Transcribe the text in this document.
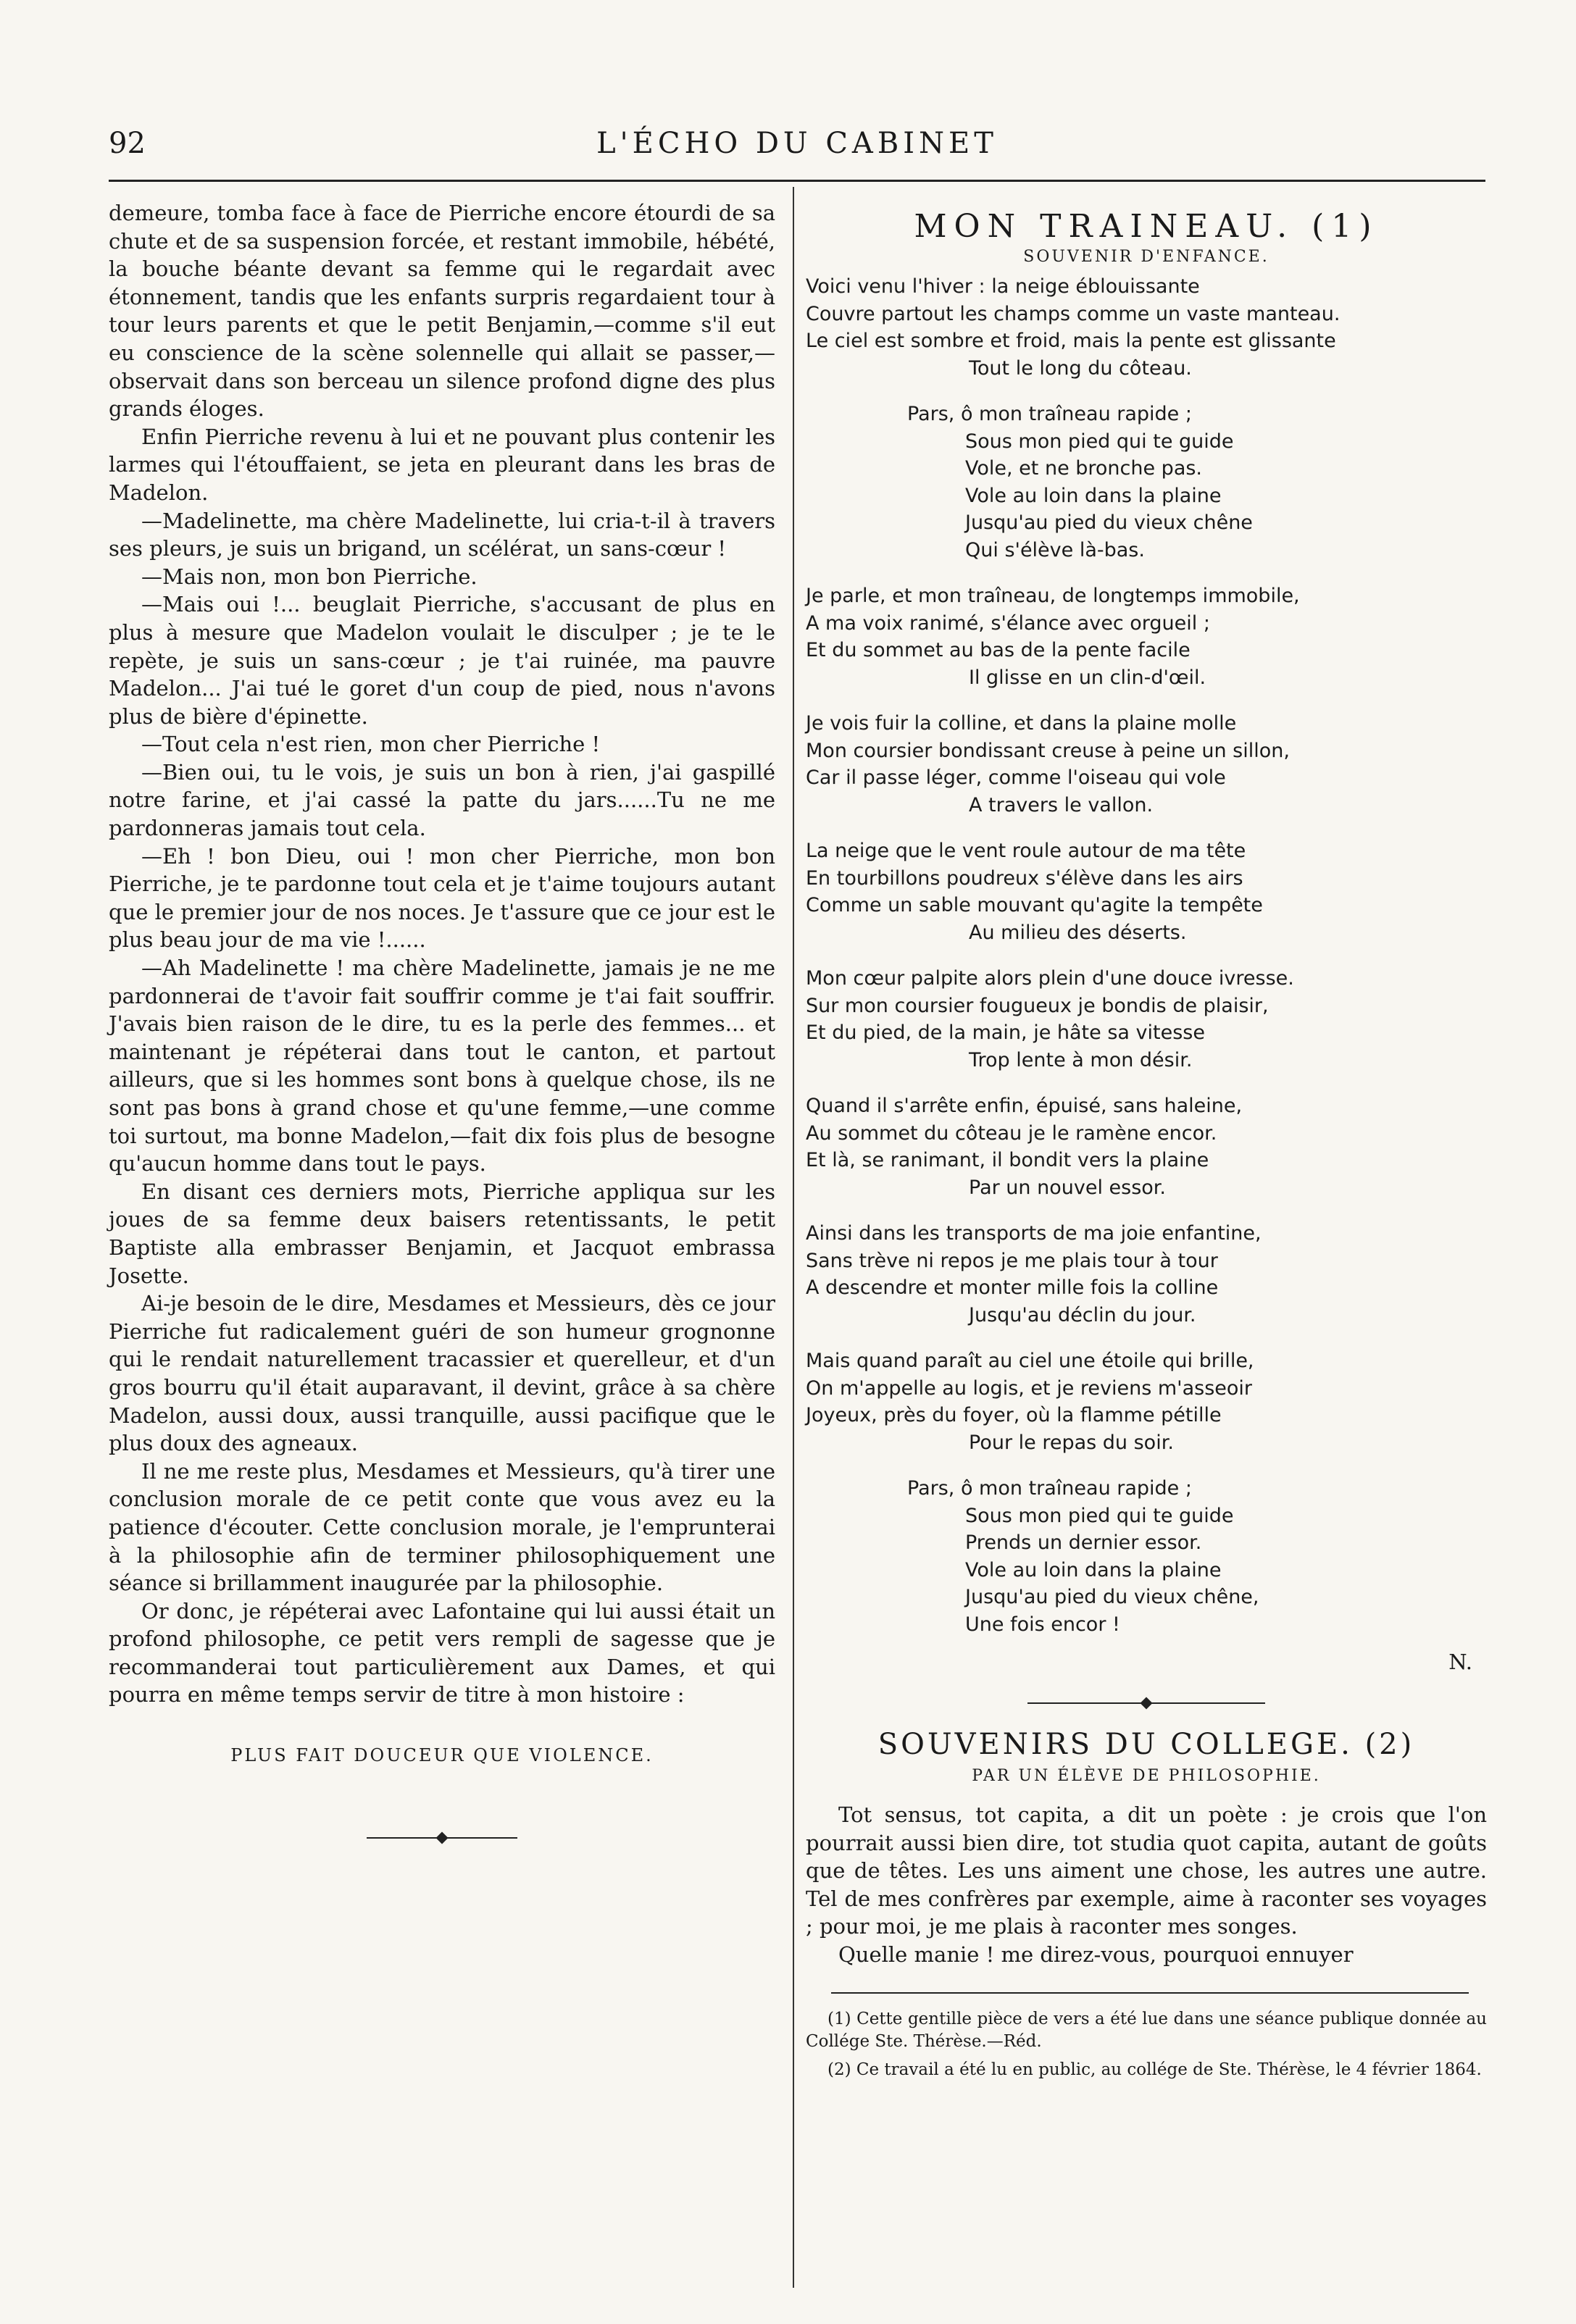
92	L'ÉCHO DU CABINET

demeure, tomba face à face de Pierriche encore étourdi de sa chute et de sa suspension forcée, et restant immobile, hébété, la bouche béante devant sa femme qui le regardait avec étonnement, tandis que les enfants surpris regardaient tour à tour leurs parents et que le petit Benjamin,—comme s'il eut eu conscience de la scène solennelle qui allait se passer,—observait dans son berceau un silence profond digne des plus grands éloges.

Enfin Pierriche revenu à lui et ne pouvant plus contenir les larmes qui l'étouffaient, se jeta en pleurant dans les bras de Madelon.

—Madelinette, ma chère Madelinette, lui cria-t-il à travers ses pleurs, je suis un brigand, un scélérat, un sans-cœur !

—Mais non, mon bon Pierriche.

—Mais oui !... beuglait Pierriche, s'accusant de plus en plus à mesure que Madelon voulait le disculper ; je te le repète, je suis un sans-cœur ; je t'ai ruinée, ma pauvre Madelon... J'ai tué le goret d'un coup de pied, nous n'avons plus de bière d'épinette.

—Tout cela n'est rien, mon cher Pierriche !

—Bien oui, tu le vois, je suis un bon à rien, j'ai gaspillé notre farine, et j'ai cassé la patte du jars......Tu ne me pardonneras jamais tout cela.

—Eh ! bon Dieu, oui ! mon cher Pierriche, mon bon Pierriche, je te pardonne tout cela et je t'aime toujours autant que le premier jour de nos noces. Je t'assure que ce jour est le plus beau jour de ma vie !......

—Ah Madelinette ! ma chère Madelinette, jamais je ne me pardonnerai de t'avoir fait souffrir comme je t'ai fait souffrir. J'avais bien raison de le dire, tu es la perle des femmes... et maintenant je répéterai dans tout le canton, et partout ailleurs, que si les hommes sont bons à quelque chose, ils ne sont pas bons à grand chose et qu'une femme,—une comme toi surtout, ma bonne Madelon,—fait dix fois plus de besogne qu'aucun homme dans tout le pays.

En disant ces derniers mots, Pierriche appliqua sur les joues de sa femme deux baisers retentissants, le petit Baptiste alla embrasser Benjamin, et Jacquot embrassa Josette.

Ai-je besoin de le dire, Mesdames et Messieurs, dès ce jour Pierriche fut radicalement guéri de son humeur grognonne qui le rendait naturellement tracassier et querelleur, et d'un gros bourru qu'il était auparavant, il devint, grâce à sa chère Madelon, aussi doux, aussi tranquille, aussi pacifique que le plus doux des agneaux.

Il ne me reste plus, Mesdames et Messieurs, qu'à tirer une conclusion morale de ce petit conte que vous avez eu la patience d'écouter. Cette conclusion morale, je l'emprunterai à la philosophie afin de terminer philosophiquement une séance si brillamment inaugurée par la philosophie.

Or donc, je répéterai avec Lafontaine qui lui aussi était un profond philosophe, ce petit vers rempli de sagesse que je recommanderai tout particulièrement aux Dames, et qui pourra en même temps servir de titre à mon histoire :

PLUS FAIT DOUCEUR QUE VIOLENCE.
MON TRAINEAU. (1)
SOUVENIR D'ENFANCE.
Voici venu l'hiver : la neige éblouissante
Couvre partout les champs comme un vaste manteau.
Le ciel est sombre et froid, mais la pente est glissante
Tout le long du côteau.
Pars, ô mon traîneau rapide ;
Sous mon pied qui te guide
Vole, et ne bronche pas.
Vole au loin dans la plaine
Jusqu'au pied du vieux chêne
Qui s'élève là-bas.
Je parle, et mon traîneau, de longtemps immobile,
A ma voix ranimé, s'élance avec orgueil ;
Et du sommet au bas de la pente facile
Il glisse en un clin-d'œil.
Je vois fuir la colline, et dans la plaine molle
Mon coursier bondissant creuse à peine un sillon,
Car il passe léger, comme l'oiseau qui vole
A travers le vallon.
La neige que le vent roule autour de ma tête
En tourbillons poudreux s'élève dans les airs
Comme un sable mouvant qu'agite la tempête
Au milieu des déserts.
Mon cœur palpite alors plein d'une douce ivresse.
Sur mon coursier fougueux je bondis de plaisir,
Et du pied, de la main, je hâte sa vitesse
Trop lente à mon désir.
Quand il s'arrête enfin, épuisé, sans haleine,
Au sommet du côteau je le ramène encor.
Et là, se ranimant, il bondit vers la plaine
Par un nouvel essor.
Ainsi dans les transports de ma joie enfantine,
Sans trève ni repos je me plais tour à tour
A descendre et monter mille fois la colline
Jusqu'au déclin du jour.
Mais quand paraît au ciel une étoile qui brille,
On m'appelle au logis, et je reviens m'asseoir
Joyeux, près du foyer, où la flamme pétille
Pour le repas du soir.
Pars, ô mon traîneau rapide ;
Sous mon pied qui te guide
Prends un dernier essor.
Vole au loin dans la plaine
Jusqu'au pied du vieux chêne,
Une fois encor !
N.
SOUVENIRS DU COLLEGE. (2)
PAR UN ÉLÈVE DE PHILOSOPHIE.

Tot sensus, tot capita, a dit un poète : je crois que l'on pourrait aussi bien dire, tot studia quot capita, autant de goûts que de têtes. Les uns aiment une chose, les autres une autre. Tel de mes confrères par exemple, aime à raconter ses voyages ; pour moi, je me plais à raconter mes songes.

Quelle manie ! me direz-vous, pourquoi ennuyer

(1) Cette gentille pièce de vers a été lue dans une séance publique donnée au Collége Ste. Thérèse.—Réd.

(2) Ce travail a été lu en public, au collége de Ste. Thérèse, le 4 février 1864.
